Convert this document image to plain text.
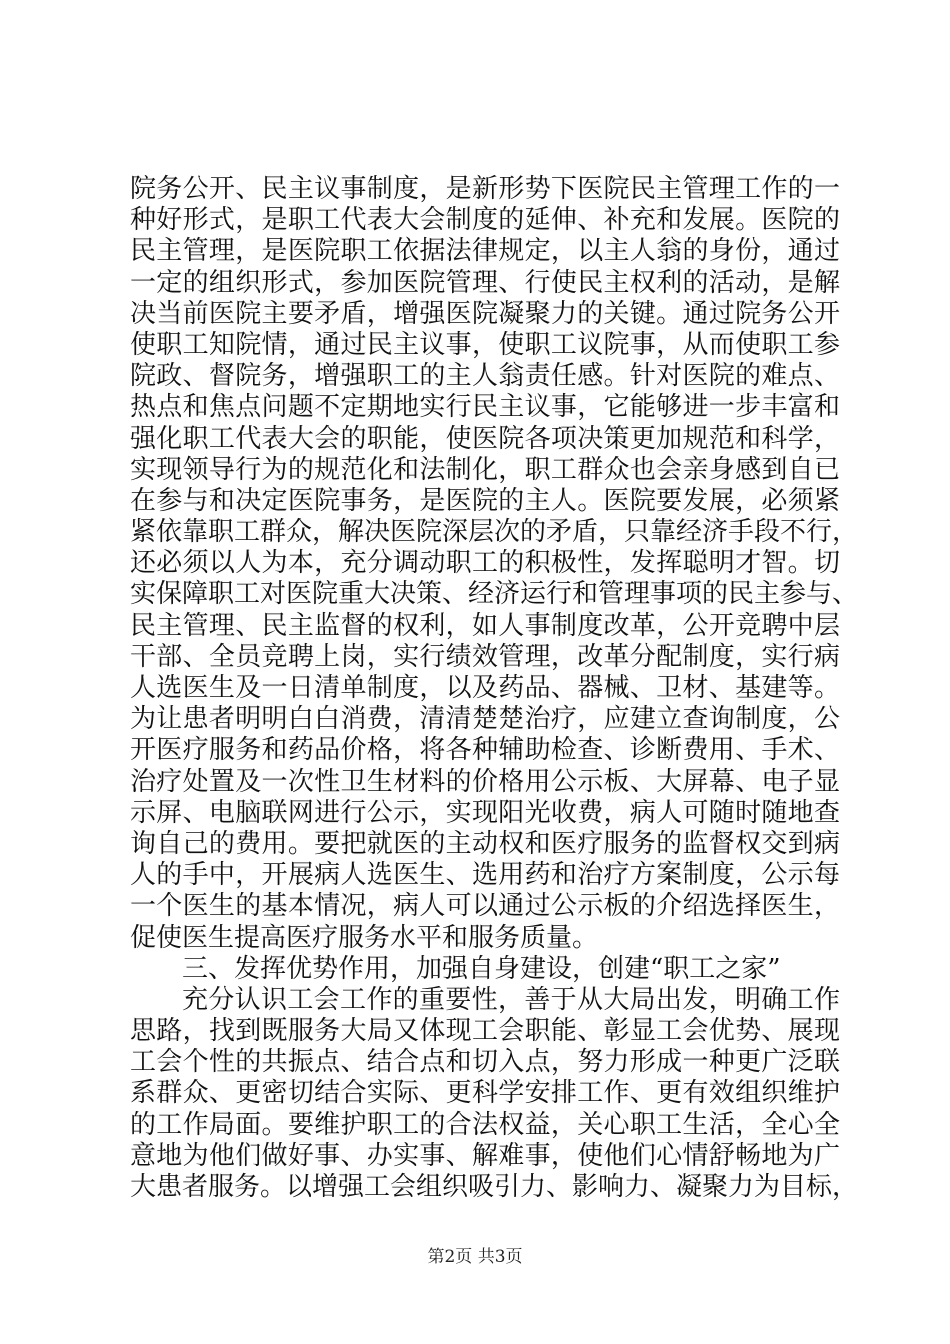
院务公开、民主议事制度，是新形势下医院民主管理工作的一
种好形式，是职工代表大会制度的延伸、补充和发展。医院的
民主管理，是医院职工依据法律规定，以主人翁的身份，通过
一定的组织形式，参加医院管理、行使民主权利的活动，是解
决当前医院主要矛盾，增强医院凝聚力的关键。通过院务公开
使职工知院情，通过民主议事，使职工议院事，从而使职工参
院政、督院务，增强职工的主人翁责任感。针对医院的难点、
热点和焦点问题不定期地实行民主议事，它能够进一步丰富和
强化职工代表大会的职能，使医院各项决策更加规范和科学，
实现领导行为的规范化和法制化，职工群众也会亲身感到自已
在参与和决定医院事务，是医院的主人。医院要发展，必须紧
紧依靠职工群众，解决医院深层次的矛盾，只靠经济手段不行，
还必须以人为本，充分调动职工的积极性，发挥聪明才智。切
实保障职工对医院重大决策、经济运行和管理事项的民主参与、
民主管理、民主监督的权利，如人事制度改革，公开竞聘中层
干部、全员竞聘上岗，实行绩效管理，改革分配制度，实行病
人选医生及一日清单制度，以及药品、器械、卫材、基建等。
为让患者明明白白消费，清清楚楚治疗，应建立查询制度，公
开医疗服务和药品价格，将各种辅助检查、诊断费用、手术、
治疗处置及一次性卫生材料的价格用公示板、大屏幕、电子显
示屏、电脑联网进行公示，实现阳光收费，病人可随时随地查
询自己的费用。要把就医的主动权和医疗服务的监督权交到病
人的手中，开展病人选医生、选用药和治疗方案制度，公示每
一个医生的基本情况，病人可以通过公示板的介绍选择医生，
促使医生提高医疗服务水平和服务质量。
三、发挥优势作用，加强自身建设，创建“职工之家”
充分认识工会工作的重要性，善于从大局出发，明确工作
思路，找到既服务大局又体现工会职能、彰显工会优势、展现
工会个性的共振点、结合点和切入点，努力形成一种更广泛联
系群众、更密切结合实际、更科学安排工作、更有效组织维护
的工作局面。要维护职工的合法权益，关心职工生活，全心全
意地为他们做好事、办实事、解难事，使他们心情舒畅地为广
大患者服务。以增强工会组织吸引力、影响力、凝聚力为目标，
第2页 共3页
